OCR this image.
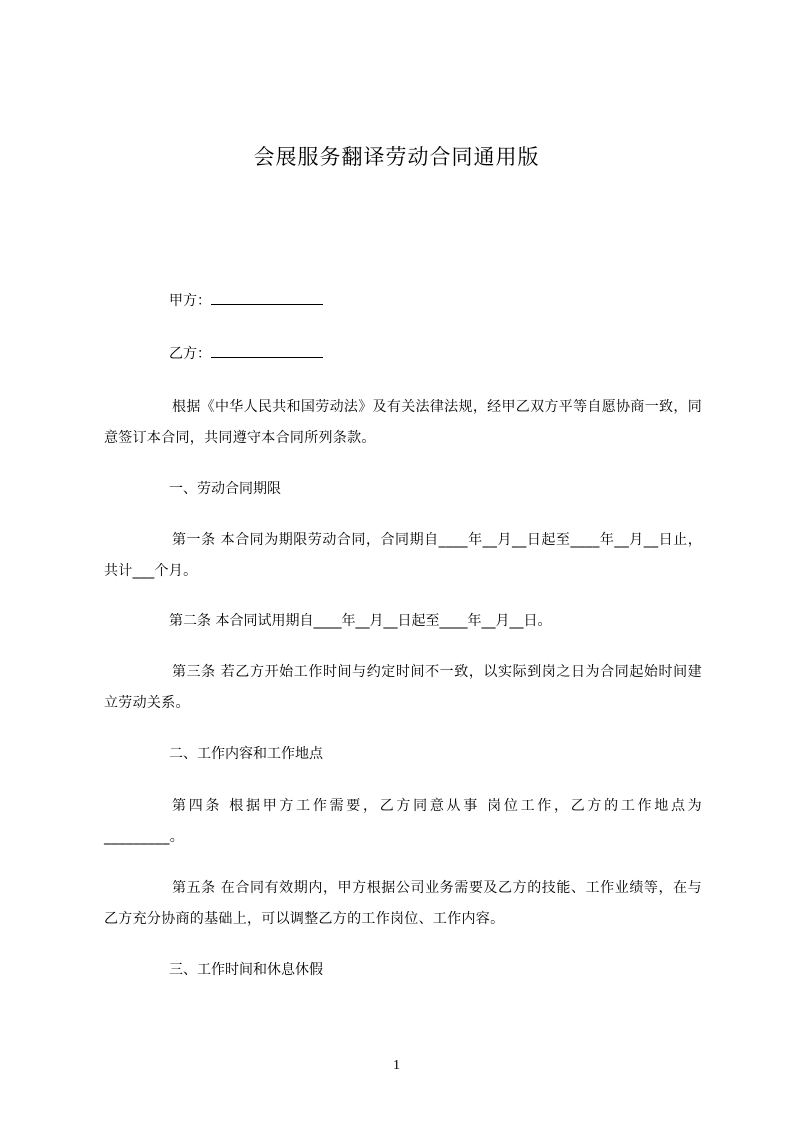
会展服务翻译劳动合同通用版
甲方：
乙方：
根据《中华人民共和国劳动法》及有关法律法规，经甲乙双方平等自愿协商一致，同意签订本合同，共同遵守本合同所列条款。
一、劳动合同期限
第一条 本合同为期限劳动合同，合同期自____年__月__日起至____年__月__日止，共计___个月。
第二条 本合同试用期自____年__月__日起至____年__月__日。
第三条 若乙方开始工作时间与约定时间不一致，以实际到岗之日为合同起始时间建立劳动关系。
二、工作内容和工作地点
第四条 根据甲方工作需要，乙方同意从事 岗位工作，乙方的工作地点为_________。
第五条 在合同有效期内，甲方根据公司业务需要及乙方的技能、工作业绩等，在与乙方充分协商的基础上，可以调整乙方的工作岗位、工作内容。
三、工作时间和休息休假
1
